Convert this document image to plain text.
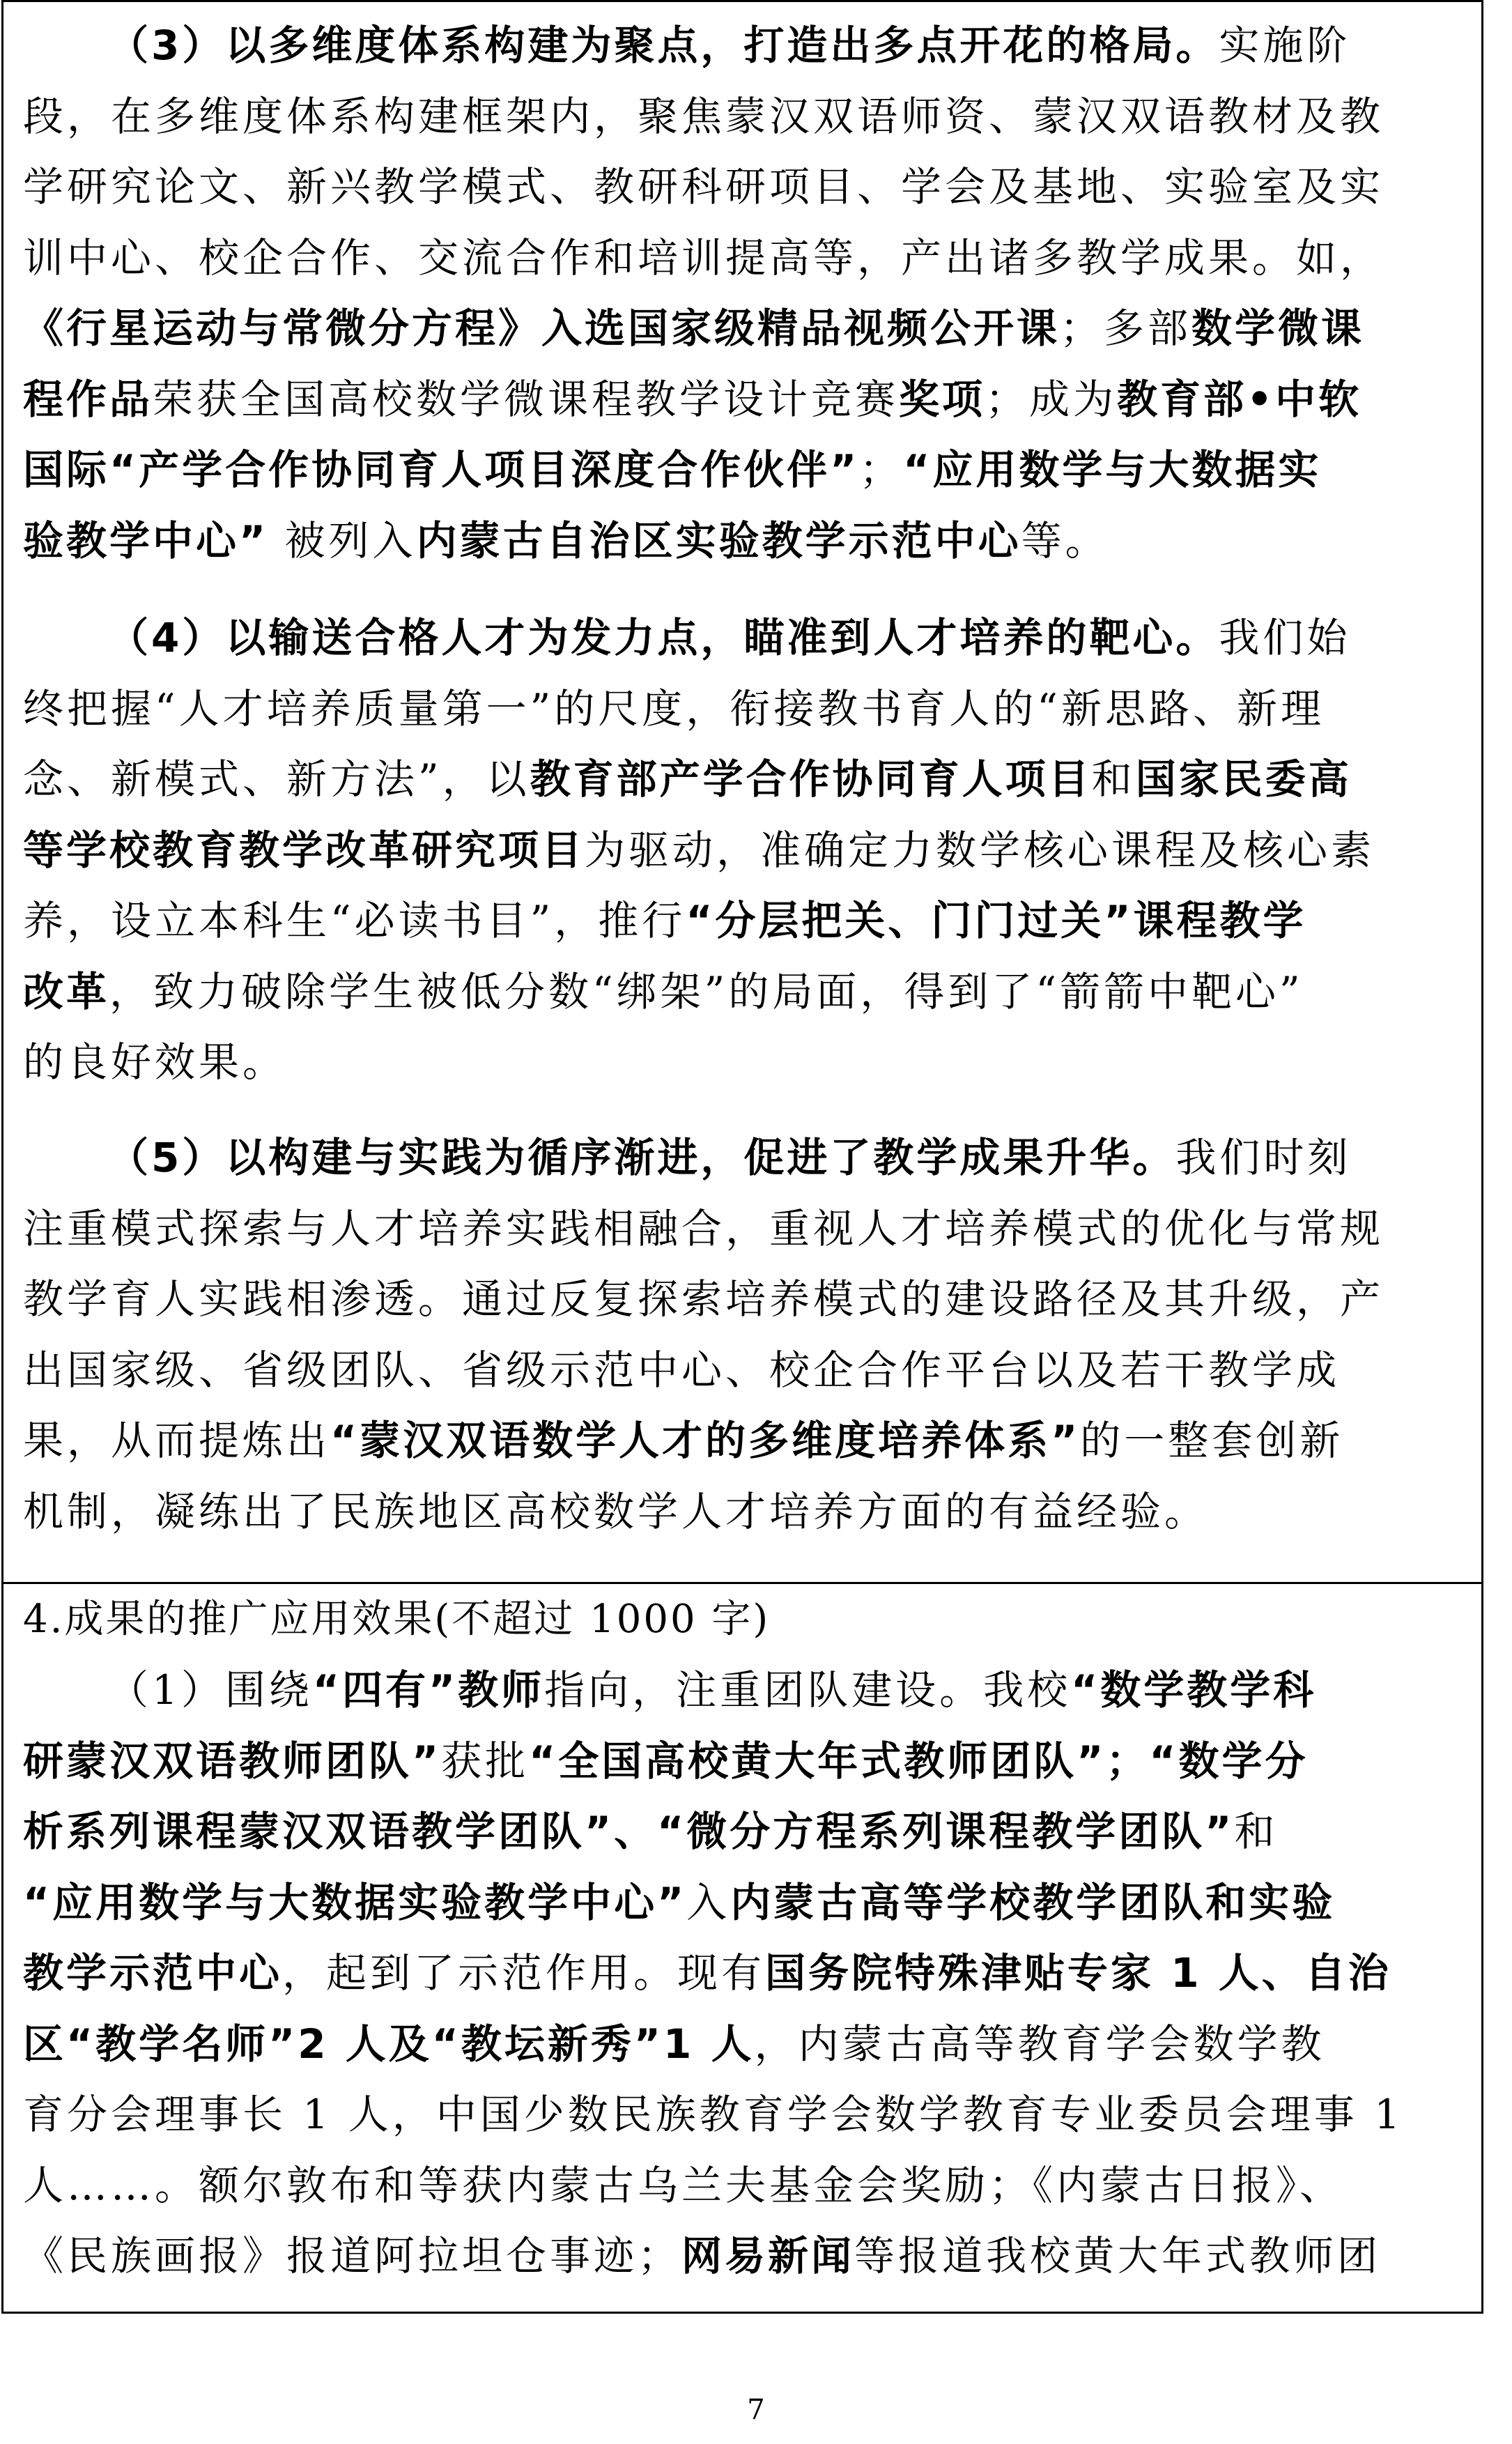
（3）以多维度体系构建为聚点，打造出多点开花的格局。实施阶
段，在多维度体系构建框架内，聚焦蒙汉双语师资、蒙汉双语教材及教
学研究论文、新兴教学模式、教研科研项目、学会及基地、实验室及实
训中心、校企合作、交流合作和培训提高等，产出诸多教学成果。如，
《行星运动与常微分方程》入选国家级精品视频公开课；多部数学微课
程作品荣获全国高校数学微课程教学设计竞赛奖项；成为教育部•中软
国际“产学合作协同育人项目深度合作伙伴”；“应用数学与大数据实
验教学中心” 被列入内蒙古自治区实验教学示范中心等。
（4）以输送合格人才为发力点，瞄准到人才培养的靶心。我们始
终把握“人才培养质量第一”的尺度，衔接教书育人的“新思路、新理
念、新模式、新方法”，以教育部产学合作协同育人项目和国家民委高
等学校教育教学改革研究项目为驱动，准确定力数学核心课程及核心素
养，设立本科生“必读书目”，推行“分层把关、门门过关”课程教学
改革，致力破除学生被低分数“绑架”的局面，得到了“箭箭中靶心”
的良好效果。
（5）以构建与实践为循序渐进，促进了教学成果升华。我们时刻
注重模式探索与人才培养实践相融合，重视人才培养模式的优化与常规
教学育人实践相渗透。通过反复探索培养模式的建设路径及其升级，产
出国家级、省级团队、省级示范中心、校企合作平台以及若干教学成
果，从而提炼出“蒙汉双语数学人才的多维度培养体系”的一整套创新
机制，凝练出了民族地区高校数学人才培养方面的有益经验。
4.成果的推广应用效果(不超过 1000 字)
（1）围绕“四有”教师指向，注重团队建设。我校“数学教学科
研蒙汉双语教师团队”获批“全国高校黄大年式教师团队”；“数学分
析系列课程蒙汉双语教学团队”、“微分方程系列课程教学团队”和
“应用数学与大数据实验教学中心”入内蒙古高等学校教学团队和实验
教学示范中心，起到了示范作用。现有国务院特殊津贴专家 1 人、自治
区“教学名师”2 人及“教坛新秀”1 人，内蒙古高等教育学会数学教
育分会理事长 1 人，中国少数民族教育学会数学教育专业委员会理事 1
人……。额尔敦布和等获内蒙古乌兰夫基金会奖励；《内蒙古日报》、
《民族画报》报道阿拉坦仓事迹；网易新闻等报道我校黄大年式教师团
7
